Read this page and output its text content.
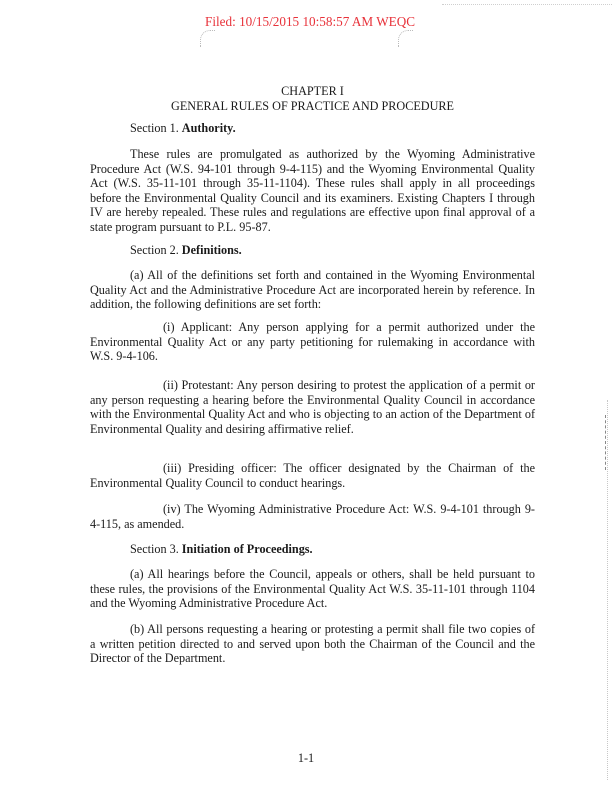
Filed: 10/15/2015 10:58:57 AM WEQC
CHAPTER I
GENERAL RULES OF PRACTICE AND PROCEDURE
Section 1. Authority.
These rules are promulgated as authorized by the Wyoming Administrative Procedure Act (W.S. 94-101 through 9-4-115) and the Wyoming Environmental Quality Act (W.S. 35-11-101 through 35-11-1104). These rules shall apply in all proceedings before the Environmental Quality Council and its examiners. Existing Chapters I through IV are hereby repealed. These rules and regulations are effective upon final approval of a state program pursuant to P.L. 95-87.
Section 2. Definitions.
(a) All of the definitions set forth and contained in the Wyoming Environmental Quality Act and the Administrative Procedure Act are incorporated herein by reference. In addition, the following definitions are set forth:
(i) Applicant: Any person applying for a permit authorized under the Environmental Quality Act or any party petitioning for rulemaking in accordance with W.S. 9-4-106.
(ii) Protestant: Any person desiring to protest the application of a permit or any person requesting a hearing before the Environmental Quality Council in accordance with the Environmental Quality Act and who is objecting to an action of the Department of Environmental Quality and desiring affirmative relief.
(iii) Presiding officer: The officer designated by the Chairman of the Environmental Quality Council to conduct hearings.
(iv) The Wyoming Administrative Procedure Act: W.S. 9-4-101 through 9-4-115, as amended.
Section 3. Initiation of Proceedings.
(a) All hearings before the Council, appeals or others, shall be held pursuant to these rules, the provisions of the Environmental Quality Act W.S. 35-11-101 through 1104 and the Wyoming Administrative Procedure Act.
(b) All persons requesting a hearing or protesting a permit shall file two copies of a written petition directed to and served upon both the Chairman of the Council and the Director of the Department.
1-1
